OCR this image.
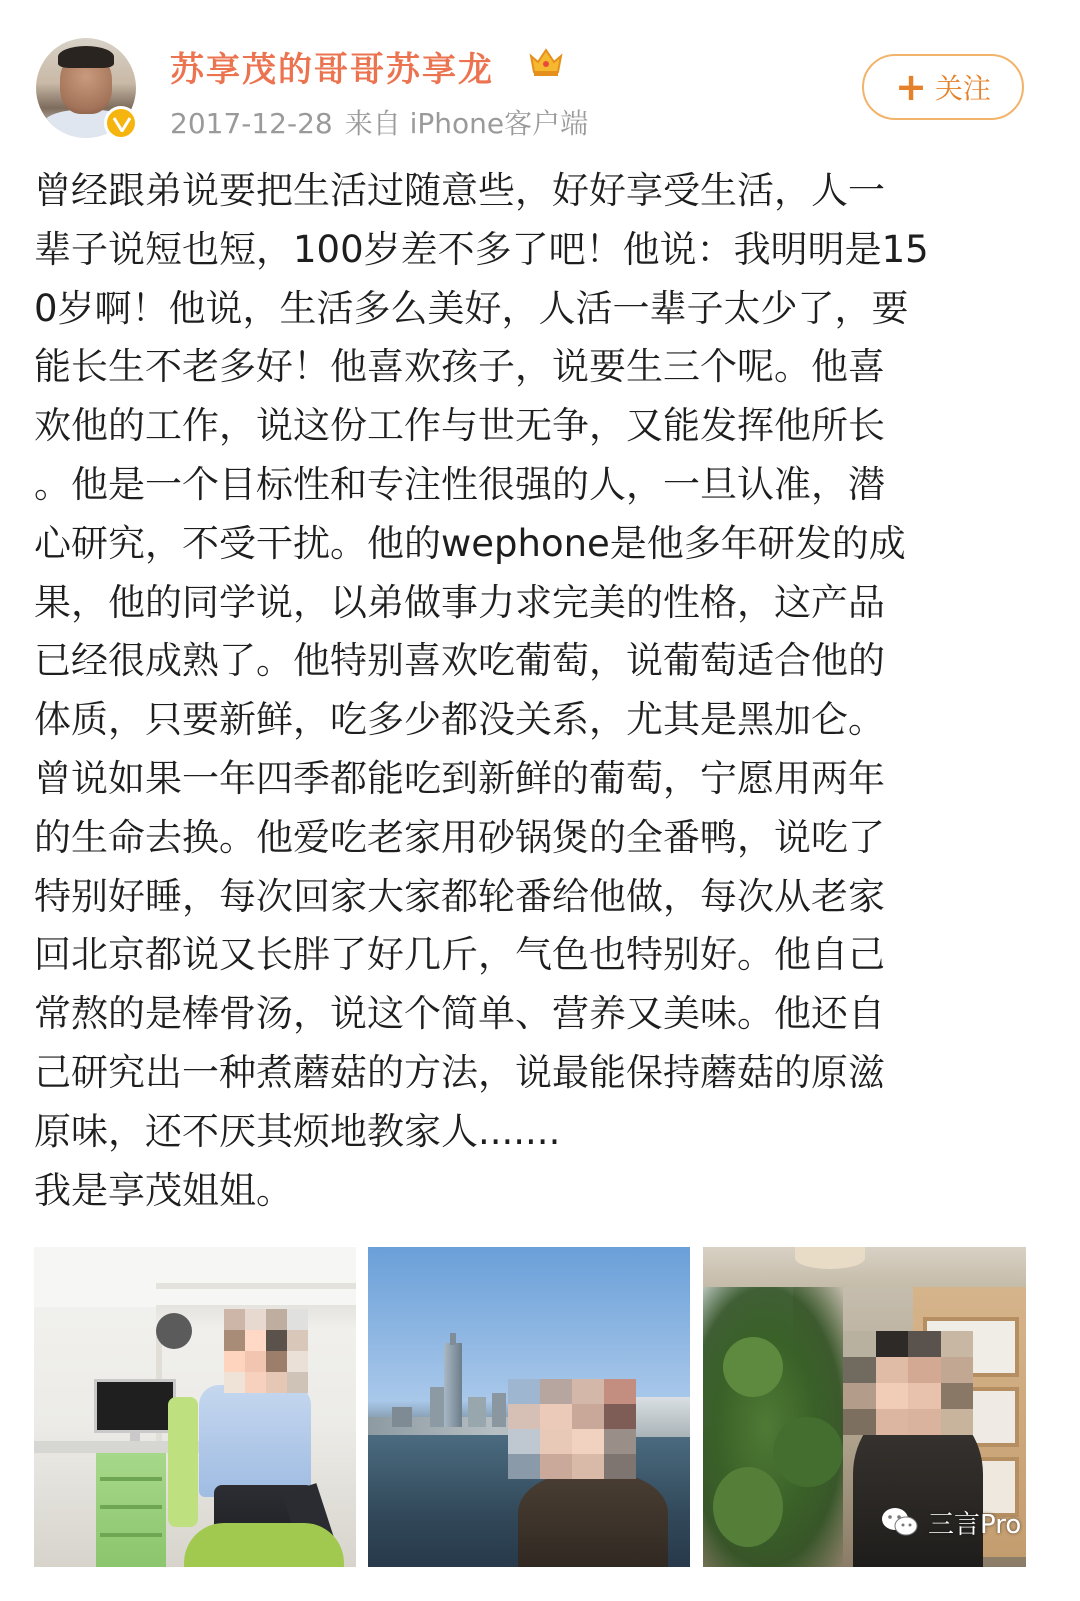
苏享茂的哥哥苏享龙
2017-12-28 来自 iPhone客户端
+ 关注
曾经跟弟说要把生活过随意些，好好享受生活，人一
辈子说短也短，100岁差不多了吧！他说：我明明是15
0岁啊！他说，生活多么美好，人活一辈子太少了，要
能长生不老多好！他喜欢孩子，说要生三个呢。他喜
欢他的工作，说这份工作与世无争，又能发挥他所长
。他是一个目标性和专注性很强的人，一旦认准，潜
心研究，不受干扰。他的wephone是他多年研发的成
果，他的同学说，以弟做事力求完美的性格，这产品
已经很成熟了。他特别喜欢吃葡萄，说葡萄适合他的
体质，只要新鲜，吃多少都没关系，尤其是黑加仑。
曾说如果一年四季都能吃到新鲜的葡萄，宁愿用两年
的生命去换。他爱吃老家用砂锅煲的全番鸭，说吃了
特别好睡，每次回家大家都轮番给他做，每次从老家
回北京都说又长胖了好几斤，气色也特别好。他自己
常熬的是棒骨汤，说这个简单、营养又美味。他还自
己研究出一种煮蘑菇的方法，说最能保持蘑菇的原滋
原味，还不厌其烦地教家人.......
我是享茂姐姐。
三言Pro
